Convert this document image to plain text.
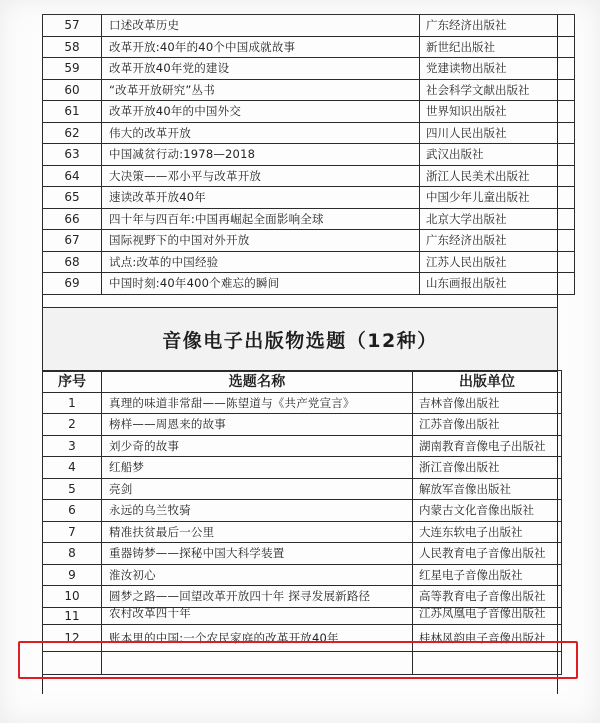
57	口述改革历史	广东经济出版社
58	改革开放:40年的40个中国成就故事	新世纪出版社
59	改革开放40年党的建设	党建读物出版社
60	“改革开放研究”丛书	社会科学文献出版社
61	改革开放40年的中国外交	世界知识出版社
62	伟大的改革开放	四川人民出版社
63	中国减贫行动:1978—2018	武汉出版社
64	大决策——邓小平与改革开放	浙江人民美术出版社
65	速读改革开放40年	中国少年儿童出版社
66	四十年与四百年:中国再崛起全面影响全球	北京大学出版社
67	国际视野下的中国对外开放	广东经济出版社
68	试点:改革的中国经验	江苏人民出版社
69	中国时刻:40年400个难忘的瞬间	山东画报出版社
音像电子出版物选题（12种）
序号	选题名称	出版单位
1	真理的味道非常甜——陈望道与《共产党宣言》	吉林音像出版社
2	榜样——周恩来的故事	江苏音像出版社
3	刘少奇的故事	湖南教育音像电子出版社
4	红船梦	浙江音像出版社
5	亮剑	解放军音像出版社
6	永远的乌兰牧骑	内蒙古文化音像出版社
7	精准扶贫最后一公里	大连东软电子出版社
8	重器铸梦——探秘中国大科学装置	人民教育电子音像出版社
9	淮汝初心	红星电子音像出版社
10	圆梦之路——回望改革开放四十年 探寻发展新路径	高等教育电子音像出版社
11	农村改革四十年	江苏凤凰电子音像出版社
12	账本里的中国:一个农民家庭的改革开放40年	桂林风韵电子音像出版社
